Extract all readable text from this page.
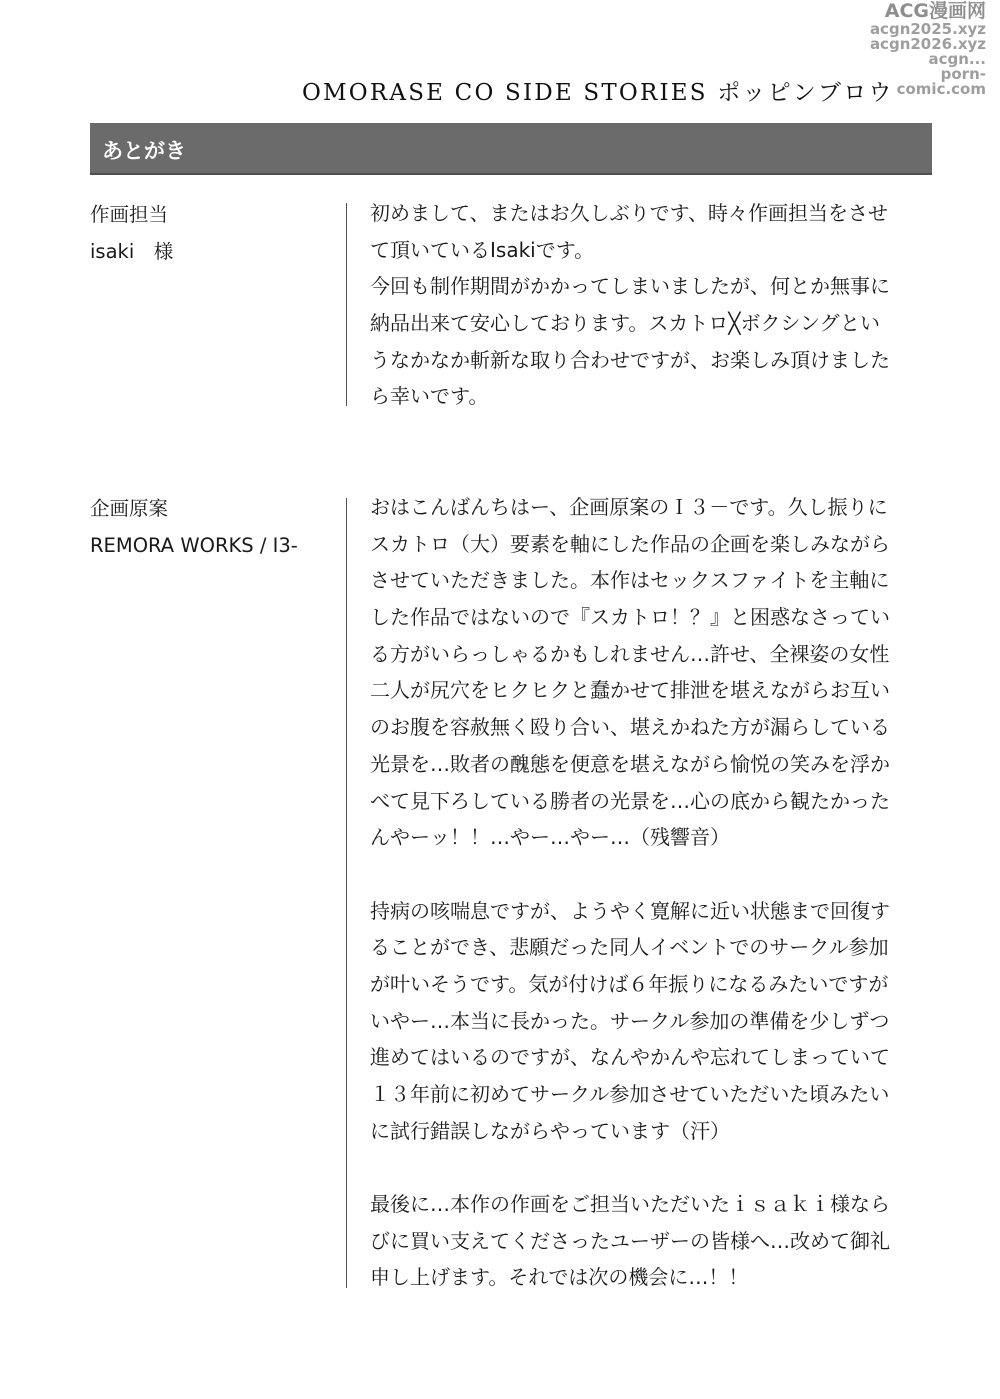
ACG漫画网
acgn2025.xyz
acgn2026.xyz
acgn...
porn-comic.com
OMORASE CO SIDE STORIES ポッピンブロウ
あとがき
作画担当
isaki　様
初めまして、またはお久しぶりです、時々作画担当をさせ
て頂いているIsakiです。
今回も制作期間がかかってしまいましたが、何とか無事に
納品出来て安心しております。スカトロ╳ボクシングとい
うなかなか斬新な取り合わせですが、お楽しみ頂けました
ら幸いです。
企画原案
REMORA WORKS / I3-
おはこんばんちはー、企画原案のＩ３－です。久し振りに
スカトロ（大）要素を軸にした作品の企画を楽しみながら
させていただきました。本作はセックスファイトを主軸に
した作品ではないので『スカトロ！？』と困惑なさってい
る方がいらっしゃるかもしれません…許せ、全裸姿の女性
二人が尻穴をヒクヒクと蠢かせて排泄を堪えながらお互い
のお腹を容赦無く殴り合い、堪えかねた方が漏らしている
光景を…敗者の醜態を便意を堪えながら愉悦の笑みを浮か
べて見下ろしている勝者の光景を…心の底から観たかった
んやーッ！！…やー…やー…（残響音）
持病の咳喘息ですが、ようやく寛解に近い状態まで回復す
ることができ、悲願だった同人イベントでのサークル参加
が叶いそうです。気が付けば６年振りになるみたいですが
いやー…本当に長かった。サークル参加の準備を少しずつ
進めてはいるのですが、なんやかんや忘れてしまっていて
１３年前に初めてサークル参加させていただいた頃みたい
に試行錯誤しながらやっています（汗）
最後に…本作の作画をご担当いただいたｉｓａｋｉ様なら
びに買い支えてくださったユーザーの皆様へ…改めて御礼
申し上げます。それでは次の機会に…！！
